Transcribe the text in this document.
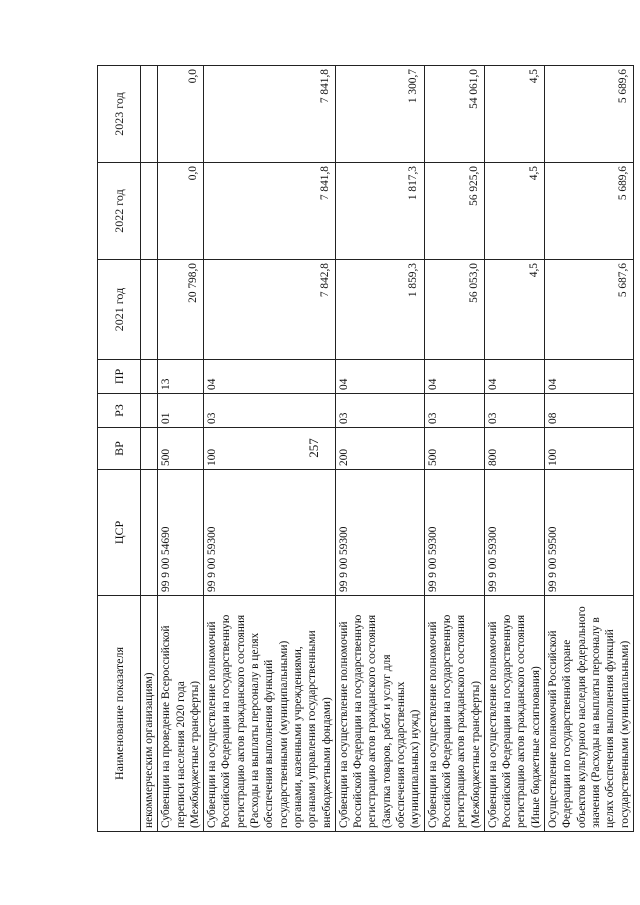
257
Наименование показателя	ЦСР	ВР	РЗ	ПР	2021 год	2022 год	2023 год
некоммерческим организациям)							
Субвенции на проведение Всероссийской переписи населения 2020 года (Межбюджетные трансферты)	99 9 00 54690	500	01	13	20 798,0	0,0	0,0
Субвенции на осуществление полномочий Российской Федерации на государственную регистрацию актов гражданского состояния (Расходы на выплаты персоналу в целях обеспечения выполнения функций государственными (муниципальными) органами, казенными учреждениями, органами управления государственными внебюджетными фондами)	99 9 00 59300	100	03	04	7 842,8	7 841,8	7 841,8
Субвенции на осуществление полномочий Российской Федерации на государственную регистрацию актов гражданского состояния (Закупка товаров, работ и услуг для обеспечения государственных (муниципальных) нужд)	99 9 00 59300	200	03	04	1 859,3	1 817,3	1 300,7
Субвенции на осуществление полномочий Российской Федерации на государственную регистрацию актов гражданского состояния (Межбюджетные трансферты)	99 9 00 59300	500	03	04	56 053,0	56 925,0	54 061,0
Субвенции на осуществление полномочий Российской Федерации на государственную регистрацию актов гражданского состояния (Иные бюджетные ассигнования)	99 9 00 59300	800	03	04	4,5	4,5	4,5
Осуществление полномочий Российской Федерации по государственной охране объектов культурного наследия федерального значения (Расходы на выплаты персоналу в целях обеспечения выполнения функций государственными (муниципальными)	99 9 00 59500	100	08	04	5 687,6	5 689,6	5 689,6
